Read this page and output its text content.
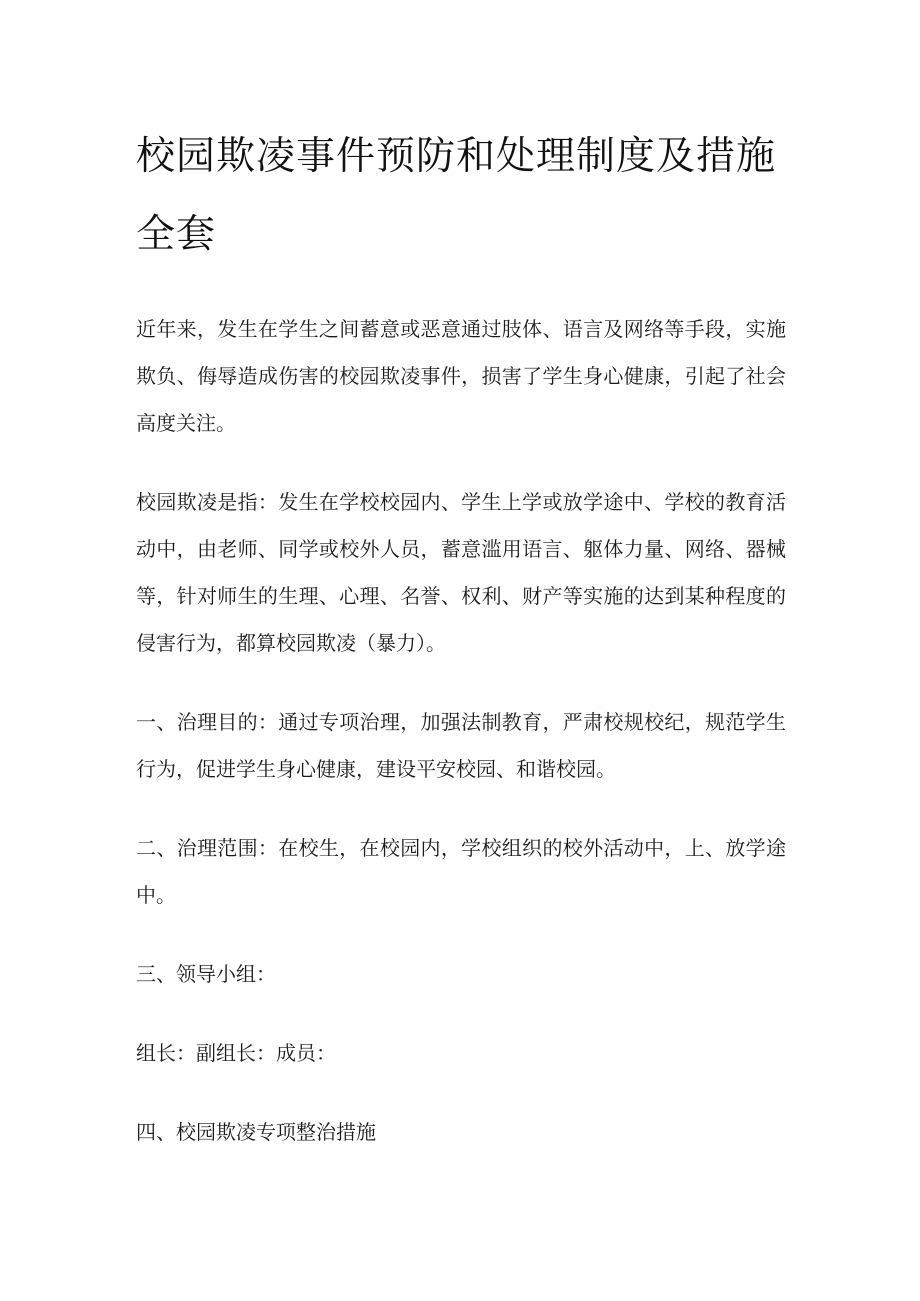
校园欺凌事件预防和处理制度及措施全套

近年来，发生在学生之间蓄意或恶意通过肢体、语言及网络等手段，实施欺负、侮辱造成伤害的校园欺凌事件，损害了学生身心健康，引起了社会高度关注。

校园欺凌是指：发生在学校校园内、学生上学或放学途中、学校的教育活动中，由老师、同学或校外人员，蓄意滥用语言、躯体力量、网络、器械等，针对师生的生理、心理、名誉、权利、财产等实施的达到某种程度的侵害行为，都算校园欺凌（暴力）。

一、治理目的：通过专项治理，加强法制教育，严肃校规校纪，规范学生行为，促进学生身心健康，建设平安校园、和谐校园。

二、治理范围：在校生，在校园内，学校组织的校外活动中，上、放学途中。

三、领导小组：

组长：副组长：成员：

四、校园欺凌专项整治措施
